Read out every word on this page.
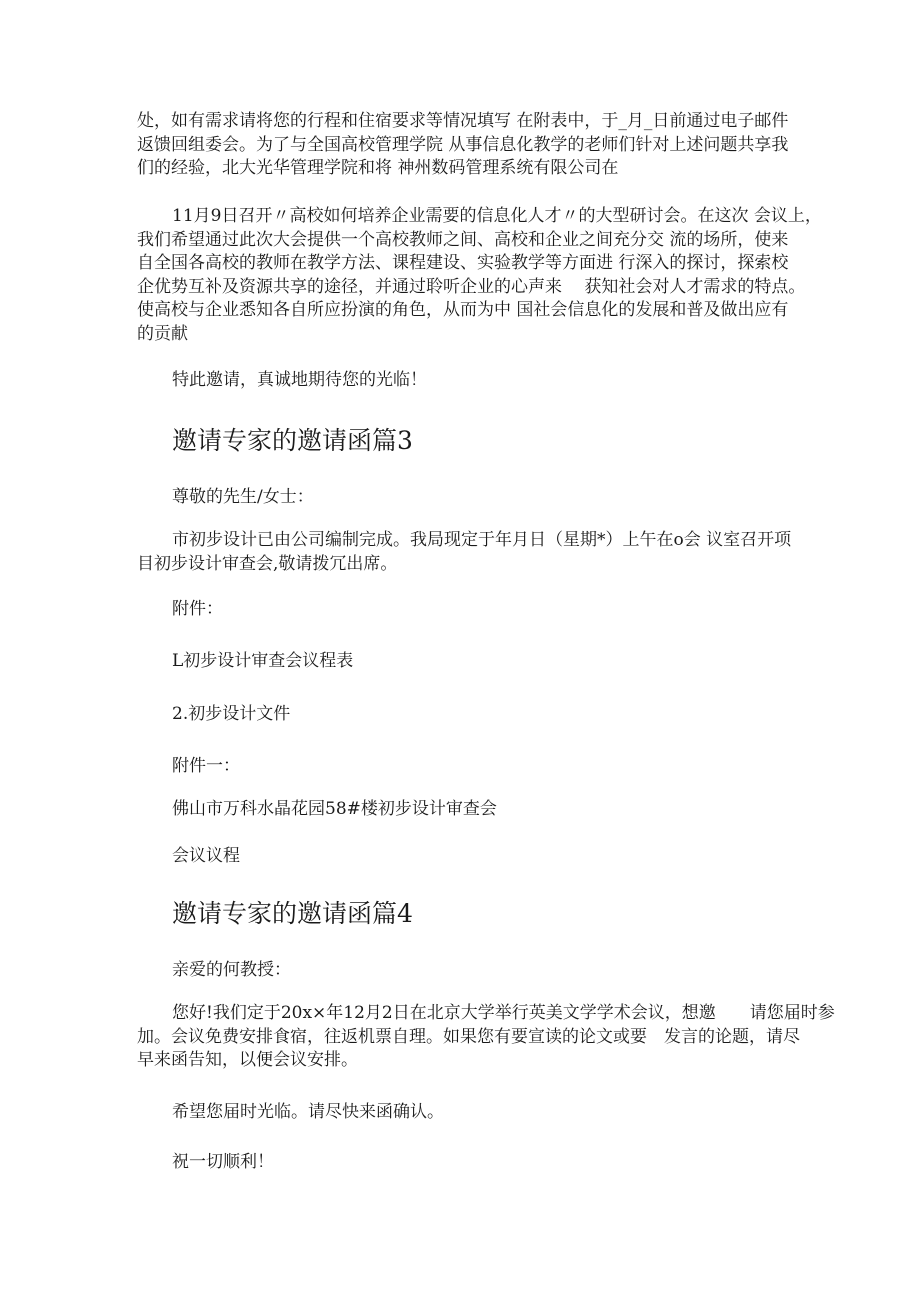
处，如有需求请将您的行程和住宿要求等情况填写 在附表中，于_月_日前通过电子邮件
返馈回组委会。为了与全国高校管理学院 从事信息化教学的老师们针对上述问题共享我
们的经验，北大光华管理学院和将 神州数码管理系统有限公司在
11月9日召开〃高校如何培养企业需要的信息化人才〃的大型研讨会。在这次 会议上，
我们希望通过此次大会提供一个高校教师之间、高校和企业之间充分交 流的场所，使来
自全国各高校的教师在教学方法、课程建设、实验教学等方面进 行深入的探讨，探索校
企优势互补及资源共享的途径，并通过聆听企业的心声来　 获知社会对人才需求的特点。
使高校与企业悉知各自所应扮演的角色，从而为中 国社会信息化的发展和普及做出应有
的贡献

特此邀请，真诚地期待您的光临！

邀请专家的邀请函篇3

尊敬的先生/女士：

市初步设计已由公司编制完成。我局现定于年月日（星期*）上午在o会 议室召开项
目初步设计审查会,敬请拨冗出席。

附件：

L初步设计审查会议程表

2.初步设计文件

附件一：

佛山市万科水晶花园58#楼初步设计审查会

会议议程

邀请专家的邀请函篇4

亲爱的何教授：

您好!我们定于20x×年12月2日在北京大学举行英美文学学术会议，想邀　　请您届时参
加。会议免费安排食宿，往返机票自理。如果您有要宣读的论文或要　发言的论题，请尽
早来函告知，以便会议安排。

希望您届时光临。请尽快来函确认。

祝一切顺利！
